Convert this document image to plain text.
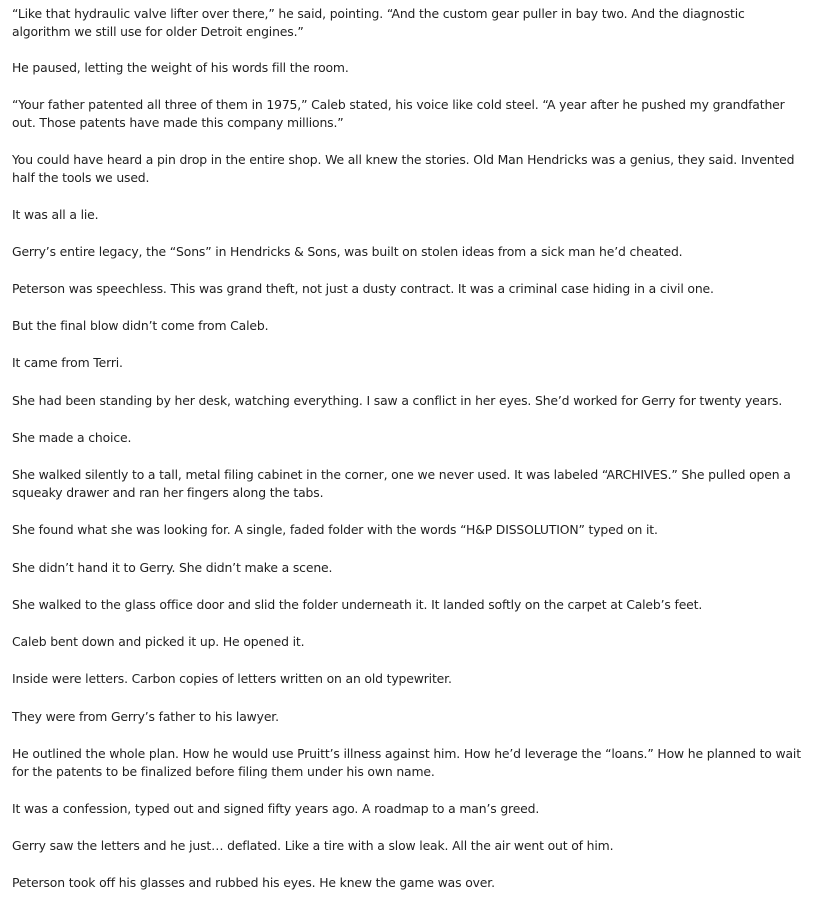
“Like that hydraulic valve lifter over there,” he said, pointing. “And the custom gear puller in bay two. And the diagnostic algorithm we still use for older Detroit engines.”

He paused, letting the weight of his words fill the room.

“Your father patented all three of them in 1975,” Caleb stated, his voice like cold steel. “A year after he pushed my grandfather out. Those patents have made this company millions.”

You could have heard a pin drop in the entire shop. We all knew the stories. Old Man Hendricks was a genius, they said. Invented half the tools we used.

It was all a lie.

Gerry’s entire legacy, the “Sons” in Hendricks & Sons, was built on stolen ideas from a sick man he’d cheated.

Peterson was speechless. This was grand theft, not just a dusty contract. It was a criminal case hiding in a civil one.

But the final blow didn’t come from Caleb.

It came from Terri.

She had been standing by her desk, watching everything. I saw a conflict in her eyes. She’d worked for Gerry for twenty years.

She made a choice.

She walked silently to a tall, metal filing cabinet in the corner, one we never used. It was labeled “ARCHIVES.” She pulled open a squeaky drawer and ran her fingers along the tabs.

She found what she was looking for. A single, faded folder with the words “H&P DISSOLUTION” typed on it.

She didn’t hand it to Gerry. She didn’t make a scene.

She walked to the glass office door and slid the folder underneath it. It landed softly on the carpet at Caleb’s feet.

Caleb bent down and picked it up. He opened it.

Inside were letters. Carbon copies of letters written on an old typewriter.

They were from Gerry’s father to his lawyer.

He outlined the whole plan. How he would use Pruitt’s illness against him. How he’d leverage the “loans.” How he planned to wait for the patents to be finalized before filing them under his own name.

It was a confession, typed out and signed fifty years ago. A roadmap to a man’s greed.

Gerry saw the letters and he just… deflated. Like a tire with a slow leak. All the air went out of him.

Peterson took off his glasses and rubbed his eyes. He knew the game was over.
